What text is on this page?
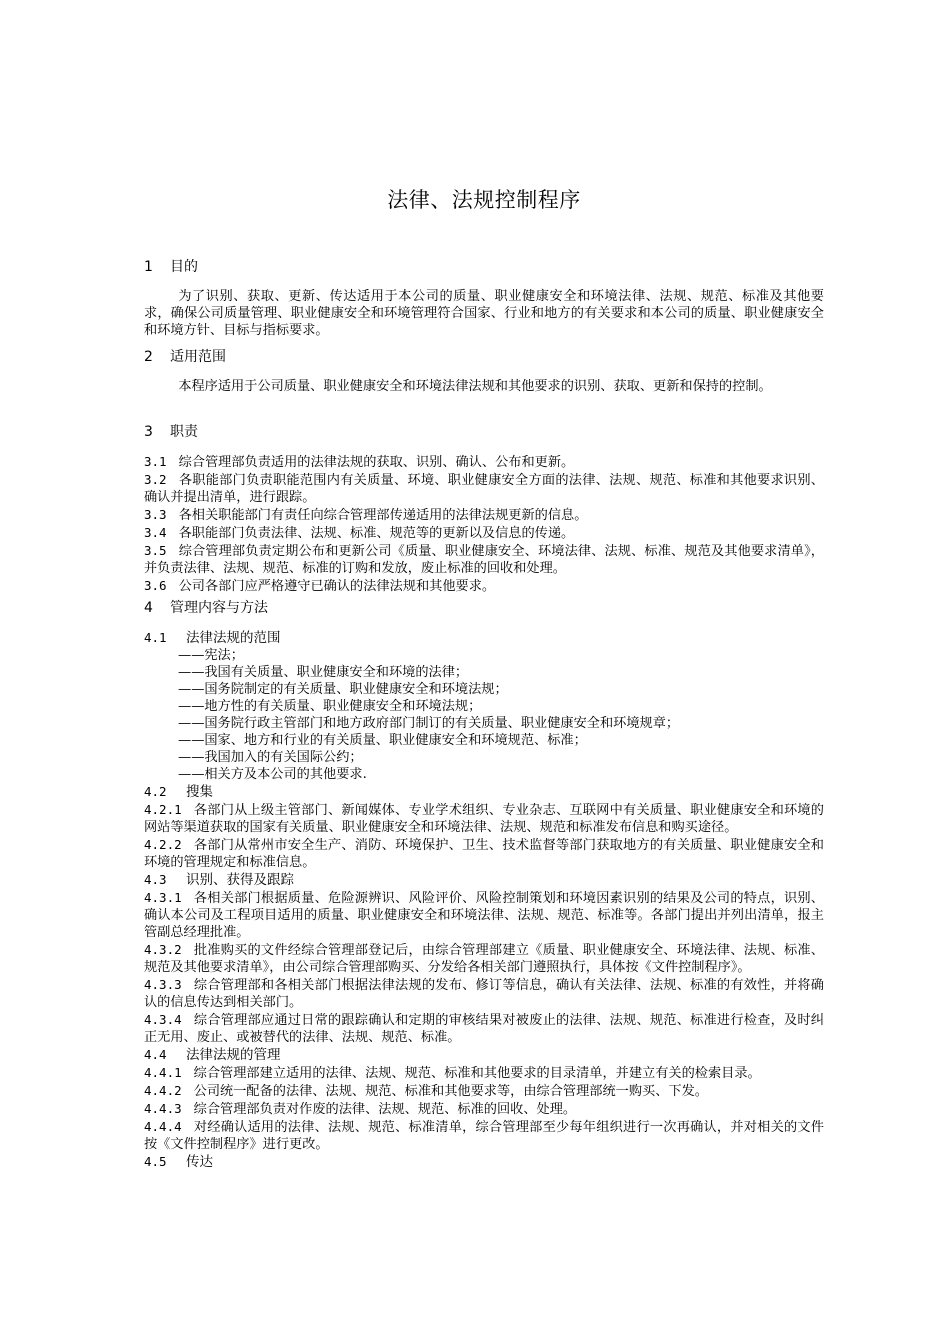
法律、法规控制程序
1 目的
为了识别、获取、更新、传达适用于本公司的质量、职业健康安全和环境法律、法规、规范、标准及其他要求，确保公司质量管理、职业健康安全和环境管理符合国家、行业和地方的有关要求和本公司的质量、职业健康安全和环境方针、目标与指标要求。
2 适用范围
本程序适用于公司质量、职业健康安全和环境法律法规和其他要求的识别、获取、更新和保持的控制。
3 职责

3.1 综合管理部负责适用的法律法规的获取、识别、确认、公布和更新。

3.2 各职能部门负责职能范围内有关质量、环境、职业健康安全方面的法律、法规、规范、标准和其他要求识别、确认并提出清单，进行跟踪。

3.3 各相关职能部门有责任向综合管理部传递适用的法律法规更新的信息。

3.4 各职能部门负责法律、法规、标准、规范等的更新以及信息的传递。

3.5 综合管理部负责定期公布和更新公司《质量、职业健康安全、环境法律、法规、标准、规范及其他要求清单》，并负责法律、法规、规范、标准的订购和发放，废止标准的回收和处理。

3.6 公司各部门应严格遵守已确认的法律法规和其他要求。

4 管理内容与方法
4.1 法律法规的范围
——宪法；
——我国有关质量、职业健康安全和环境的法律；
——国务院制定的有关质量、职业健康安全和环境法规；
——地方性的有关质量、职业健康安全和环境法规；
——国务院行政主管部门和地方政府部门制订的有关质量、职业健康安全和环境规章；
——国家、地方和行业的有关质量、职业健康安全和环境规范、标准；
——我国加入的有关国际公约；
——相关方及本公司的其他要求.
4.2 搜集

4.2.1 各部门从上级主管部门、新闻媒体、专业学术组织、专业杂志、互联网中有关质量、职业健康安全和环境的网站等渠道获取的国家有关质量、职业健康安全和环境法律、法规、规范和标准发布信息和购买途径。

4.2.2 各部门从常州市安全生产、消防、环境保护、卫生、技术监督等部门获取地方的有关质量、职业健康安全和环境的管理规定和标准信息。

4.3 识别、获得及跟踪

4.3.1 各相关部门根据质量、危险源辨识、风险评价、风险控制策划和环境因素识别的结果及公司的特点，识别、确认本公司及工程项目适用的质量、职业健康安全和环境法律、法规、规范、标准等。各部门提出并列出清单，报主管副总经理批准。

4.3.2 批准购买的文件经综合管理部登记后，由综合管理部建立《质量、职业健康安全、环境法律、法规、标准、规范及其他要求清单》，由公司综合管理部购买、分发给各相关部门遵照执行，具体按《文件控制程序》。

4.3.3 综合管理部和各相关部门根据法律法规的发布、修订等信息，确认有关法律、法规、标准的有效性，并将确认的信息传达到相关部门。

4.3.4 综合管理部应通过日常的跟踪确认和定期的审核结果对被废止的法律、法规、规范、标准进行检查，及时纠正无用、废止、或被替代的法律、法规、规范、标准。

4.4 法律法规的管理

4.4.1 综合管理部建立适用的法律、法规、规范、标准和其他要求的目录清单，并建立有关的检索目录。

4.4.2 公司统一配备的法律、法规、规范、标准和其他要求等，由综合管理部统一购买、下发。

4.4.3 综合管理部负责对作废的法律、法规、规范、标准的回收、处理。

4.4.4 对经确认适用的法律、法规、规范、标准清单，综合管理部至少每年组织进行一次再确认，并对相关的文件按《文件控制程序》进行更改。

4.5 传达
